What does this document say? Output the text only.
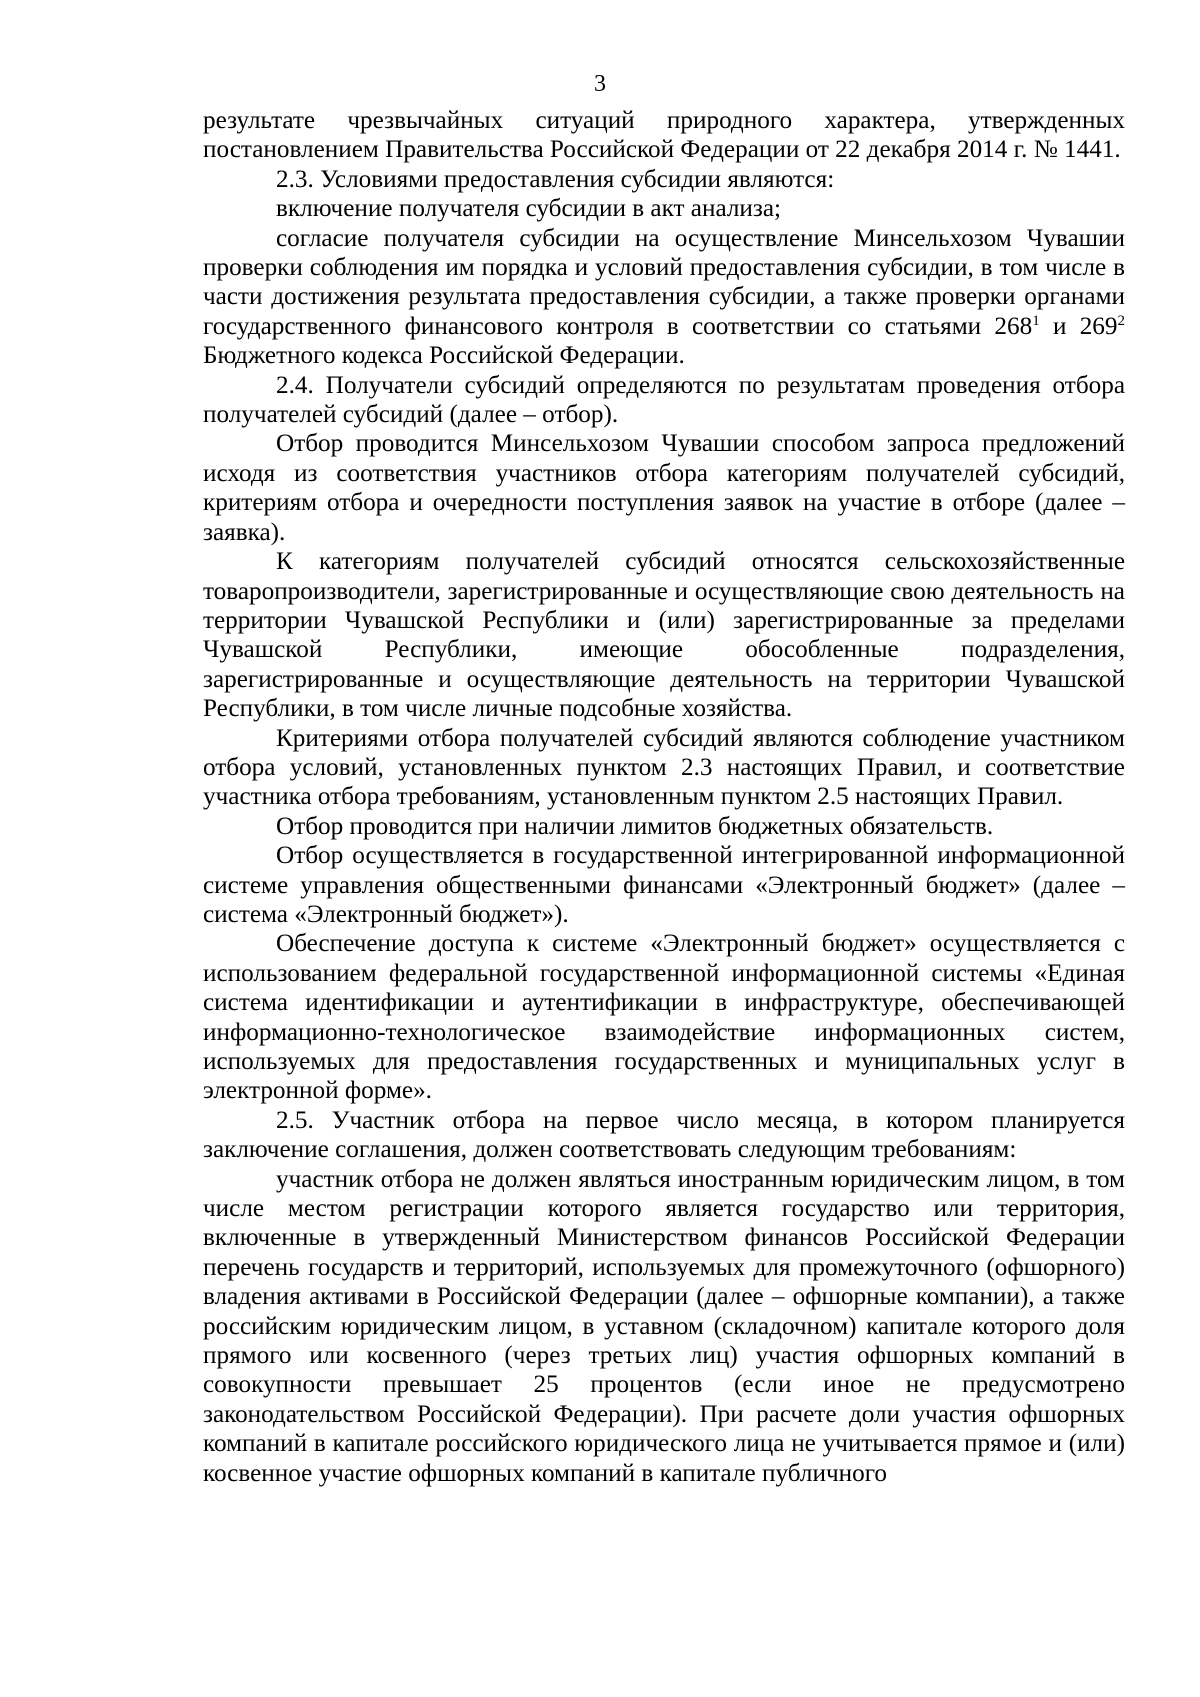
3

результате чрезвычайных ситуаций природного характера, утвержденных постановлением Правительства Российской Федерации от 22 декабря 2014 г. № 1441.

2.3. Условиями предоставления субсидии являются:

включение получателя субсидии в акт анализа;

согласие получателя субсидии на осуществление Минсельхозом Чувашии проверки соблюдения им порядка и условий предоставления субсидии, в том числе в части достижения результата предоставления субсидии, а также проверки органами государственного финансового контроля в соответствии со статьями $268^1$ и $269^2$ Бюджетного кодекса Российской Федерации.

2.4. Получатели субсидий определяются по результатам проведения отбора получателей субсидий (далее – отбор).

Отбор проводится Минсельхозом Чувашии способом запроса предложений исходя из соответствия участников отбора категориям получателей субсидий, критериям отбора и очередности поступления заявок на участие в отборе (далее – заявка).

К категориям получателей субсидий относятся сельскохозяйственные товаропроизводители, зарегистрированные и осуществляющие свою деятельность на территории Чувашской Республики и (или) зарегистрированные за пределами Чувашской Республики, имеющие обособленные подразделения, зарегистрированные и осуществляющие деятельность на территории Чувашской Республики, в том числе личные подсобные хозяйства.

Критериями отбора получателей субсидий являются соблюдение участником отбора условий, установленных пунктом 2.3 настоящих Правил, и соответствие участника отбора требованиям, установленным пунктом 2.5 настоящих Правил.

Отбор проводится при наличии лимитов бюджетных обязательств.

Отбор осуществляется в государственной интегрированной информационной системе управления общественными финансами «Электронный бюджет» (далее – система «Электронный бюджет»).

Обеспечение доступа к системе «Электронный бюджет» осуществляется с использованием федеральной государственной информационной системы «Единая система идентификации и аутентификации в инфраструктуре, обеспечивающей информационно-технологическое взаимодействие информационных систем, используемых для предоставления государственных и муниципальных услуг в электронной форме».

2.5. Участник отбора на первое число месяца, в котором планируется заключение соглашения, должен соответствовать следующим требованиям:

участник отбора не должен являться иностранным юридическим лицом, в том числе местом регистрации которого является государство или территория, включенные в утвержденный Министерством финансов Российской Федерации перечень государств и территорий, используемых для промежуточного (офшорного) владения активами в Российской Федерации (далее – офшорные компании), а также российским юридическим лицом, в уставном (складочном) капитале которого доля прямого или косвенного (через третьих лиц) участия офшорных компаний в совокупности превышает 25 процентов (если иное не предусмотрено законодательством Российской Федерации). При расчете доли участия офшорных компаний в капитале российского юридического лица не учитывается прямое и (или) косвенное участие офшорных компаний в капитале публичного
